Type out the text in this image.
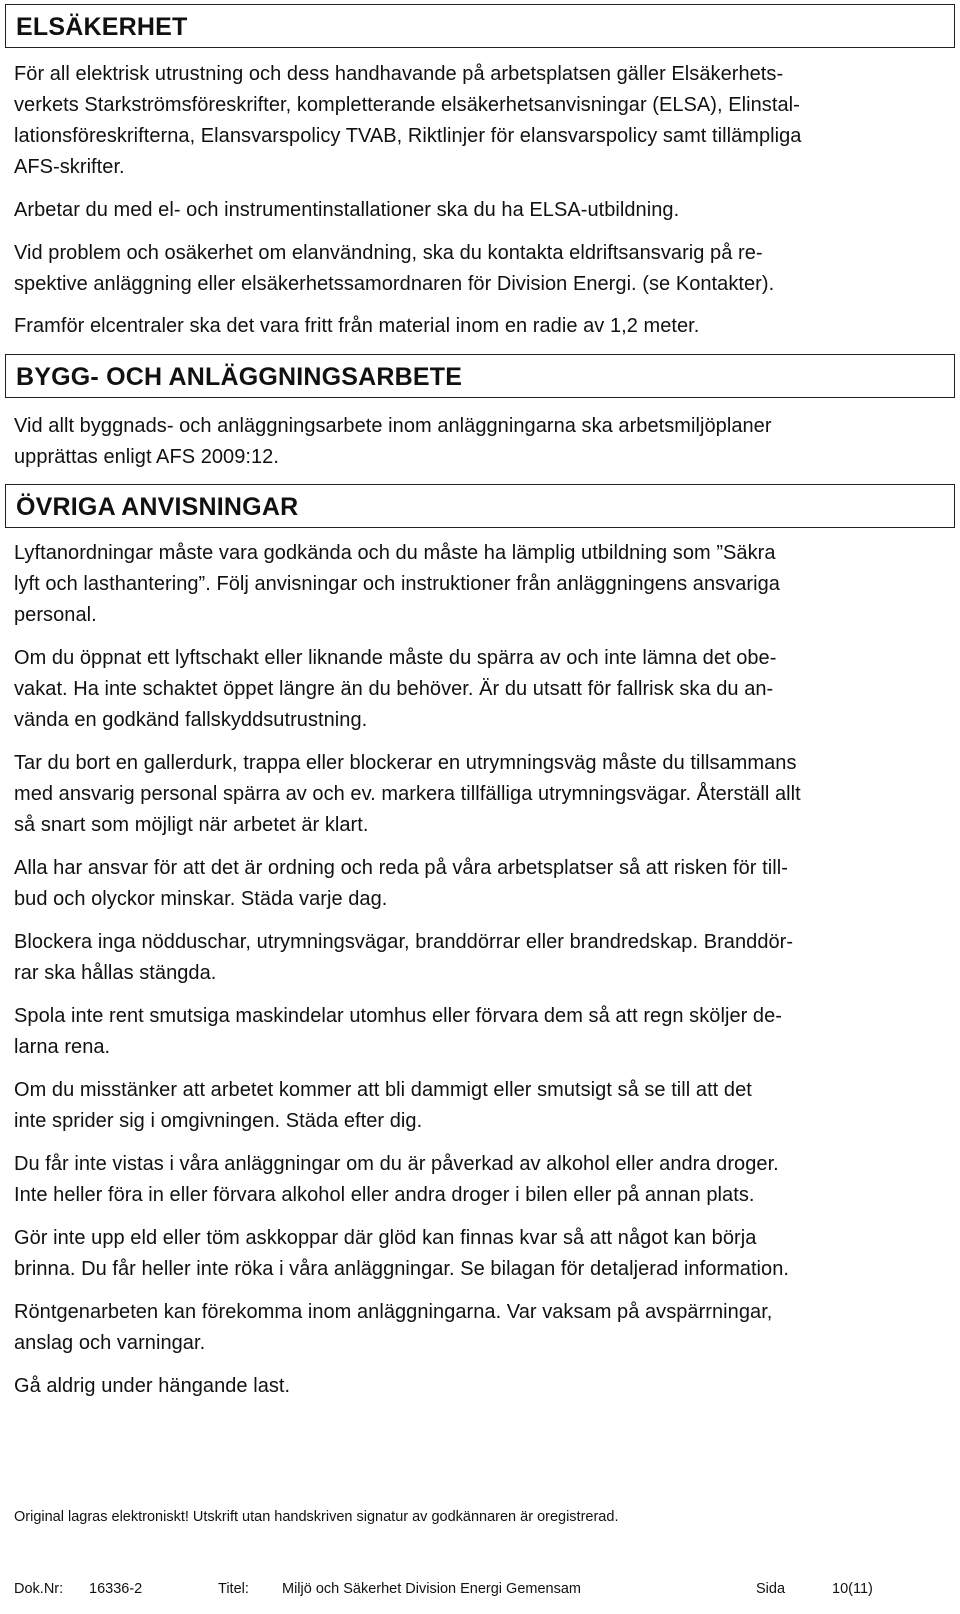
ELSÄKERHET
För all elektrisk utrustning och dess handhavande på arbetsplatsen gäller Elsäkerhets-
verkets Starkströmsföreskrifter, kompletterande elsäkerhetsanvisningar (ELSA), Elinstal-
lationsföreskrifterna, Elansvarspolicy TVAB, Riktlinjer för elansvarspolicy samt tillämpliga
AFS-skrifter.
Arbetar du med el- och instrumentinstallationer ska du ha ELSA-utbildning.
Vid problem och osäkerhet om elanvändning, ska du kontakta eldriftsansvarig på re-
spektive anläggning eller elsäkerhetssamordnaren för Division Energi. (se Kontakter).
Framför elcentraler ska det vara fritt från material inom en radie av 1,2 meter.
BYGG- OCH ANLÄGGNINGSARBETE
Vid allt byggnads- och anläggningsarbete inom anläggningarna ska arbetsmiljöplaner
upprättas enligt AFS 2009:12.
ÖVRIGA ANVISNINGAR
Lyftanordningar måste vara godkända och du måste ha lämplig utbildning som ”Säkra
lyft och lasthantering”. Följ anvisningar och instruktioner från anläggningens ansvariga
personal.
Om du öppnat ett lyftschakt eller liknande måste du spärra av och inte lämna det obe-
vakat. Ha inte schaktet öppet längre än du behöver. Är du utsatt för fallrisk ska du an-
vända en godkänd fallskyddsutrustning.
Tar du bort en gallerdurk, trappa eller blockerar en utrymningsväg måste du tillsammans
med ansvarig personal spärra av och ev. markera tillfälliga utrymningsvägar. Återställ allt
så snart som möjligt när arbetet är klart.
Alla har ansvar för att det är ordning och reda på våra arbetsplatser så att risken för till-
bud och olyckor minskar. Städa varje dag.
Blockera inga nödduschar, utrymningsvägar, branddörrar eller brandredskap. Branddör-
rar ska hållas stängda.
Spola inte rent smutsiga maskindelar utomhus eller förvara dem så att regn sköljer de-
larna rena.
Om du misstänker att arbetet kommer att bli dammigt eller smutsigt så se till att det
inte sprider sig i omgivningen. Städa efter dig.
Du får inte vistas i våra anläggningar om du är påverkad av alkohol eller andra droger.
Inte heller föra in eller förvara alkohol eller andra droger i bilen eller på annan plats.
Gör inte upp eld eller töm askkoppar där glöd kan finnas kvar så att något kan börja
brinna. Du får heller inte röka i våra anläggningar. Se bilagan för detaljerad information.
Röntgenarbeten kan förekomma inom anläggningarna. Var vaksam på avspärrningar,
anslag och varningar.
Gå aldrig under hängande last.
Original lagras elektroniskt! Utskrift utan handskriven signatur av godkännaren är oregistrerad.
Dok.Nr: 16336-2	Titel: Miljö och Säkerhet Division Energi Gemensam	Sida	10(11)
